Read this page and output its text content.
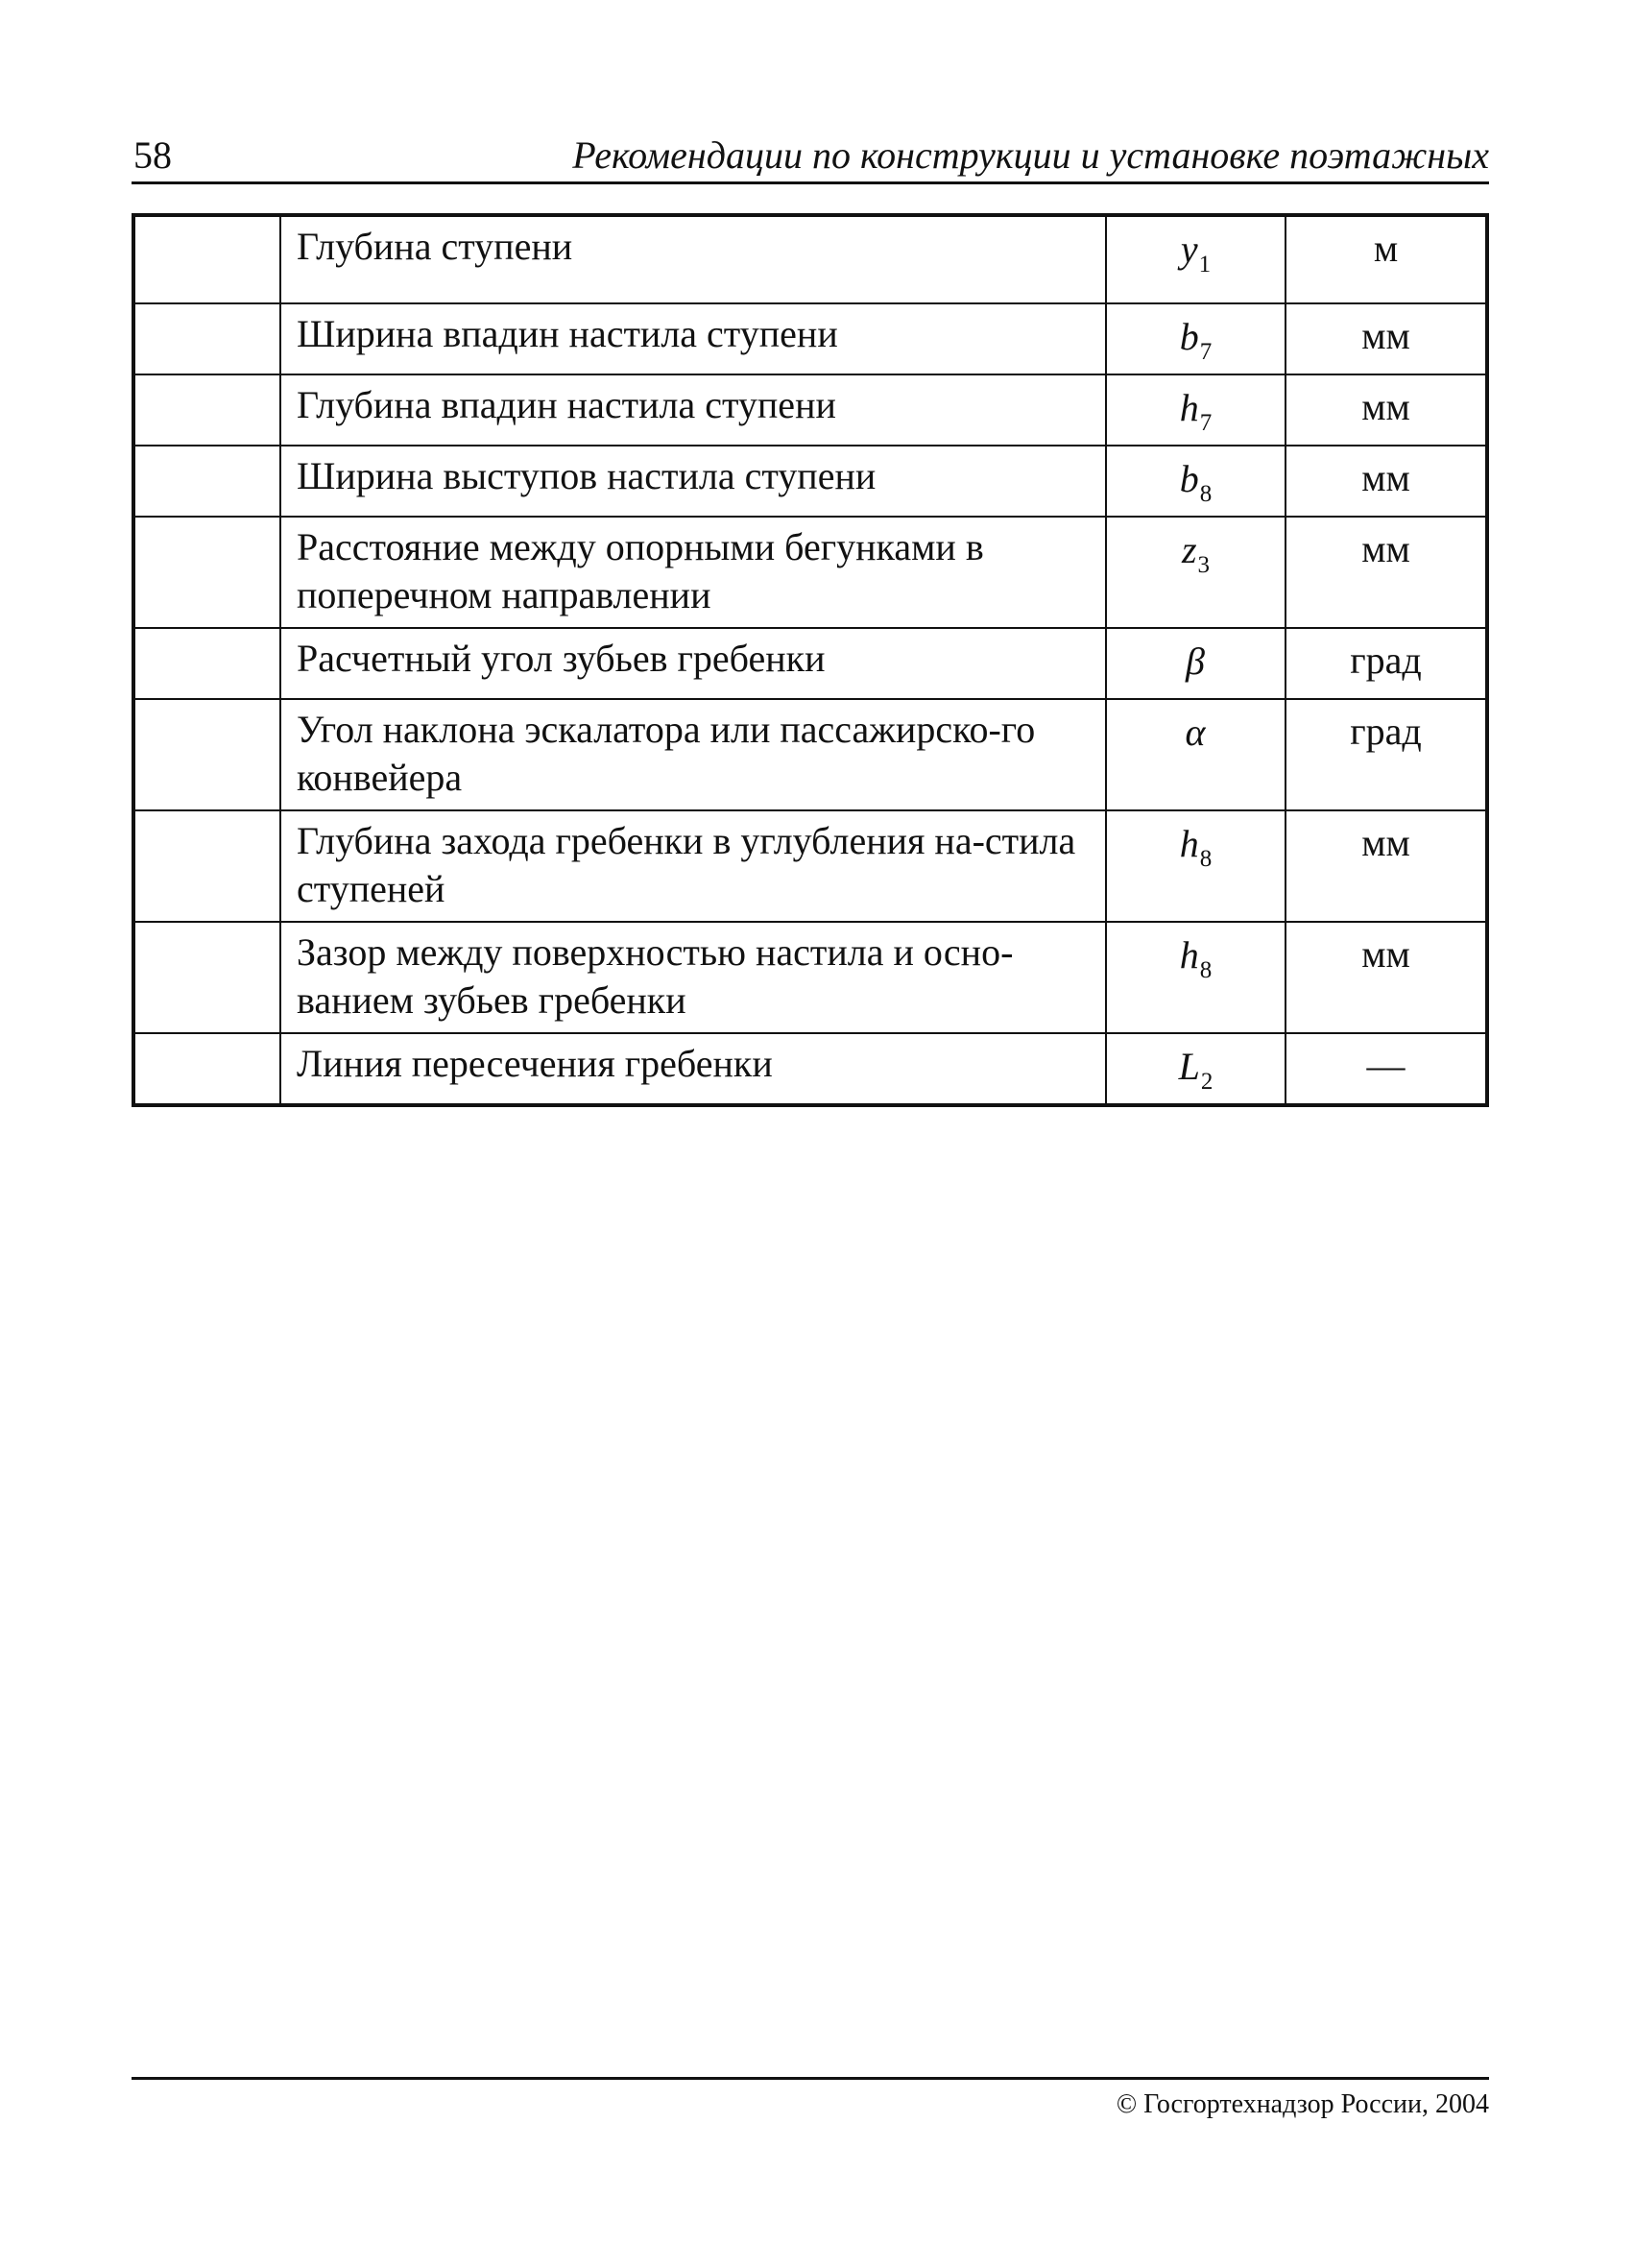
58	Рекомендации по конструкции и установке поэтажных
	Глубина ступени	$y_1$	м
	Ширина впадин настила ступени	$b_7$	мм
	Глубина впадин настила ступени	$h_7$	мм
	Ширина выступов настила ступени	$b_8$	мм
	Расстояние между опорными бегунками в поперечном направлении	$z_3$	мм
	Расчетный угол зубьев гребенки	β	град
	Угол наклона эскалатора или пассажирско-го конвейера	α	град
	Глубина захода гребенки в углубления на-стила ступеней	$h_8$	мм
	Зазор между поверхностью настила и осно-ванием зубьев гребенки	$h_8$	мм
	Линия пересечения гребенки	$L_2$	—
© Госгортехнадзор России, 2004
